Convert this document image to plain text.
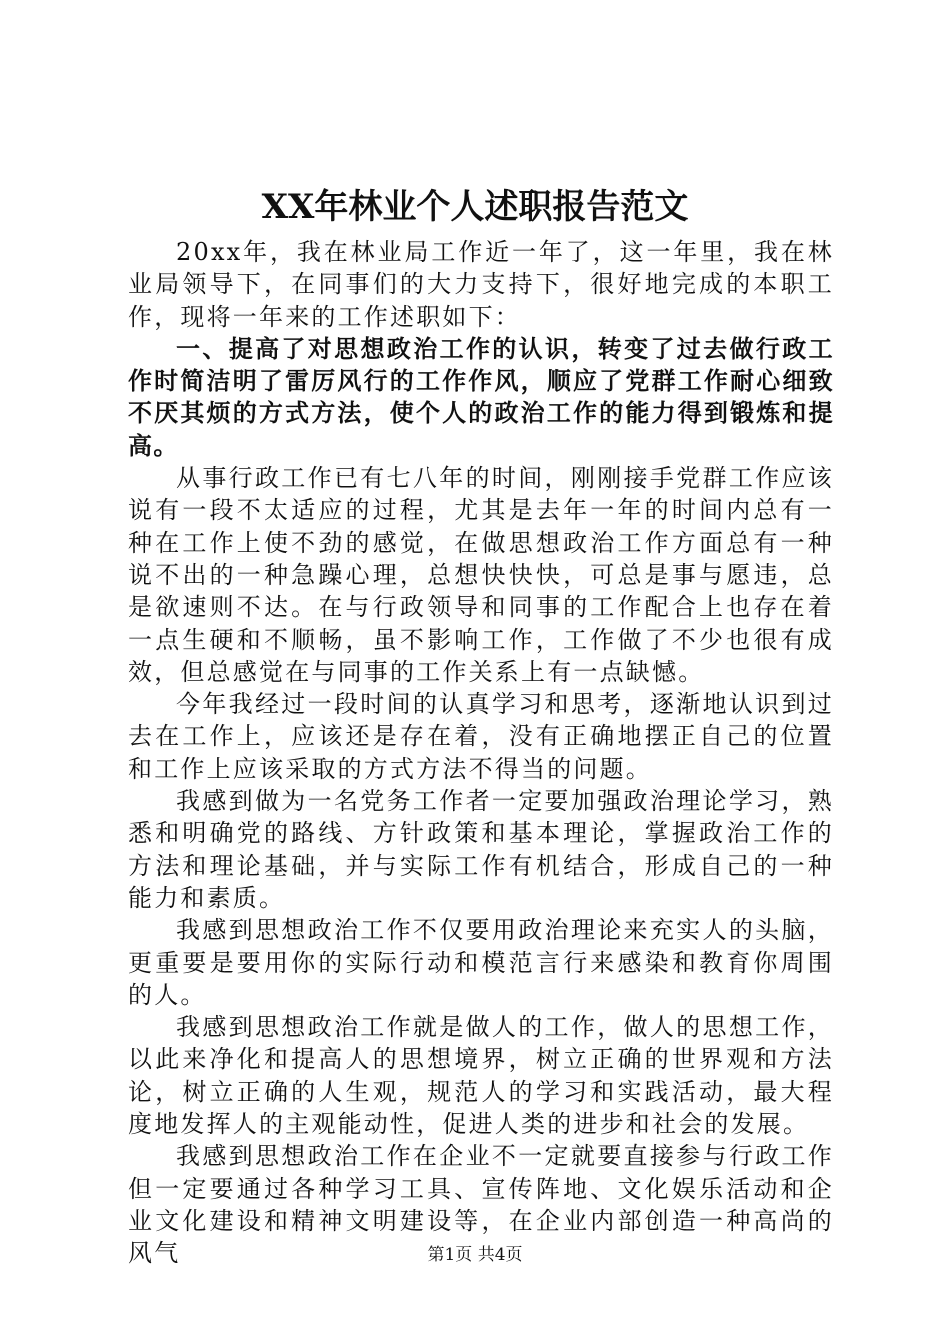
XX年林业个人述职报告范文

20xx年，我在林业局工作近一年了，这一年里，我在林业局领导下，在同事们的大力支持下，很好地完成的本职工作，现将一年来的工作述职如下：

一、提高了对思想政治工作的认识，转变了过去做行政工作时简洁明了雷厉风行的工作作风，顺应了党群工作耐心细致不厌其烦的方式方法，使个人的政治工作的能力得到锻炼和提高。

从事行政工作已有七八年的时间，刚刚接手党群工作应该说有一段不太适应的过程，尤其是去年一年的时间内总有一种在工作上使不劲的感觉，在做思想政治工作方面总有一种说不出的一种急躁心理，总想快快快，可总是事与愿违，总是欲速则不达。在与行政领导和同事的工作配合上也存在着一点生硬和不顺畅，虽不影响工作，工作做了不少也很有成效，但总感觉在与同事的工作关系上有一点缺憾。

今年我经过一段时间的认真学习和思考，逐渐地认识到过去在工作上，应该还是存在着，没有正确地摆正自己的位置和工作上应该采取的方式方法不得当的问题。

我感到做为一名党务工作者一定要加强政治理论学习，熟悉和明确党的路线、方针政策和基本理论，掌握政治工作的方法和理论基础，并与实际工作有机结合，形成自己的一种能力和素质。

我感到思想政治工作不仅要用政治理论来充实人的头脑，更重要是要用你的实际行动和模范言行来感染和教育你周围的人。

我感到思想政治工作就是做人的工作，做人的思想工作，以此来净化和提高人的思想境界，树立正确的世界观和方法论，树立正确的人生观，规范人的学习和实践活动，最大程度地发挥人的主观能动性，促进人类的进步和社会的发展。

我感到思想政治工作在企业不一定就要直接参与行政工作但一定要通过各种学习工具、宣传阵地、文化娱乐活动和企业文化建设和精神文明建设等，在企业内部创造一种高尚的风气	第1页 共4页
